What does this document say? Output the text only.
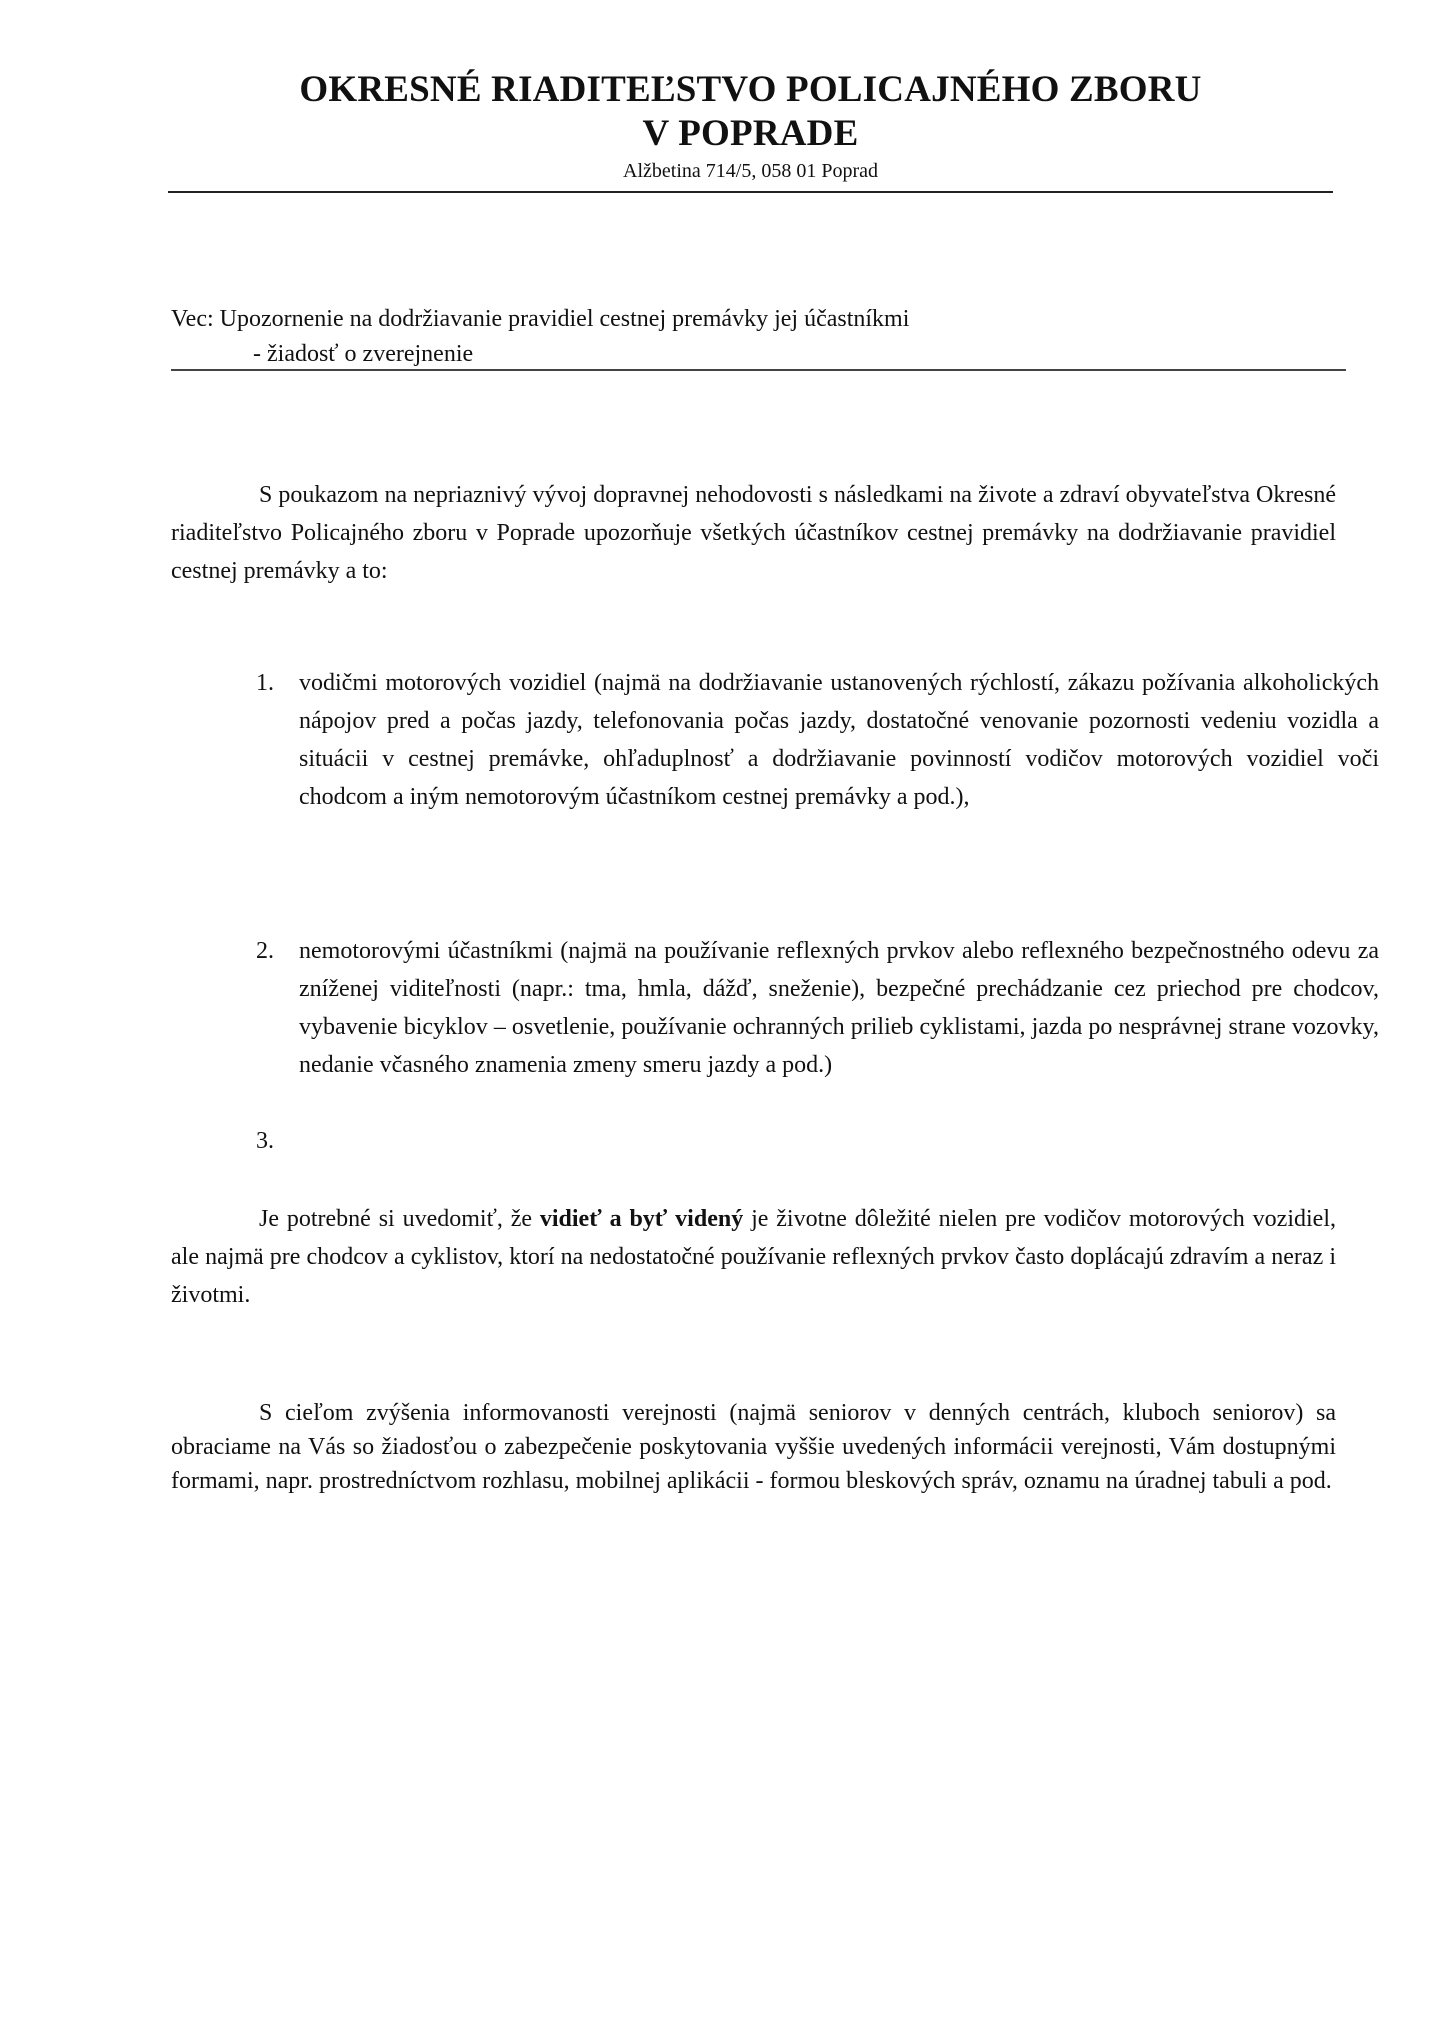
OKRESNÉ RIADITEĽSTVO POLICAJNÉHO ZBORU
V POPRADE
Alžbetina 714/5, 058 01 Poprad
Vec: Upozornenie na dodržiavanie pravidiel cestnej premávky jej účastníkmi
- žiadosť o zverejnenie

S poukazom na nepriaznivý vývoj dopravnej nehodovosti s následkami na živote a zdraví obyvateľstva Okresné riaditeľstvo Policajného zboru v Poprade upozorňuje všetkých účastníkov cestnej premávky na dodržiavanie pravidiel cestnej premávky a to:

1. vodičmi motorových vozidiel (najmä na dodržiavanie ustanovených rýchlostí, zákazu požívania alkoholických nápojov pred a počas jazdy, telefonovania počas jazdy, dostatočné venovanie pozornosti vedeniu vozidla a situácii v cestnej premávke, ohľaduplnosť a dodržiavanie povinností vodičov motorových vozidiel voči chodcom a iným nemotorovým účastníkom cestnej premávky a pod.),
2. nemotorovými účastníkmi (najmä na používanie reflexných prvkov alebo reflexného bezpečnostného odevu za zníženej viditeľnosti (napr.: tma, hmla, dážď, sneženie), bezpečné prechádzanie cez priechod pre chodcov, vybavenie bicyklov – osvetlenie, používanie ochranných prilieb cyklistami, jazda po nesprávnej strane vozovky, nedanie včasného znamenia zmeny smeru jazdy a pod.)
3.

Je potrebné si uvedomiť, že vidieť a byť videný je životne dôležité nielen pre vodičov motorových vozidiel, ale najmä pre chodcov a cyklistov, ktorí na nedostatočné používanie reflexných prvkov často doplácajú zdravím a neraz i životmi.

S cieľom zvýšenia informovanosti verejnosti (najmä seniorov v denných centrách, kluboch seniorov) sa obraciame na Vás so žiadosťou o zabezpečenie poskytovania vyššie uvedených informácii verejnosti, Vám dostupnými formami, napr. prostredníctvom rozhlasu, mobilnej aplikácii - formou bleskových správ, oznamu na úradnej tabuli a pod.
